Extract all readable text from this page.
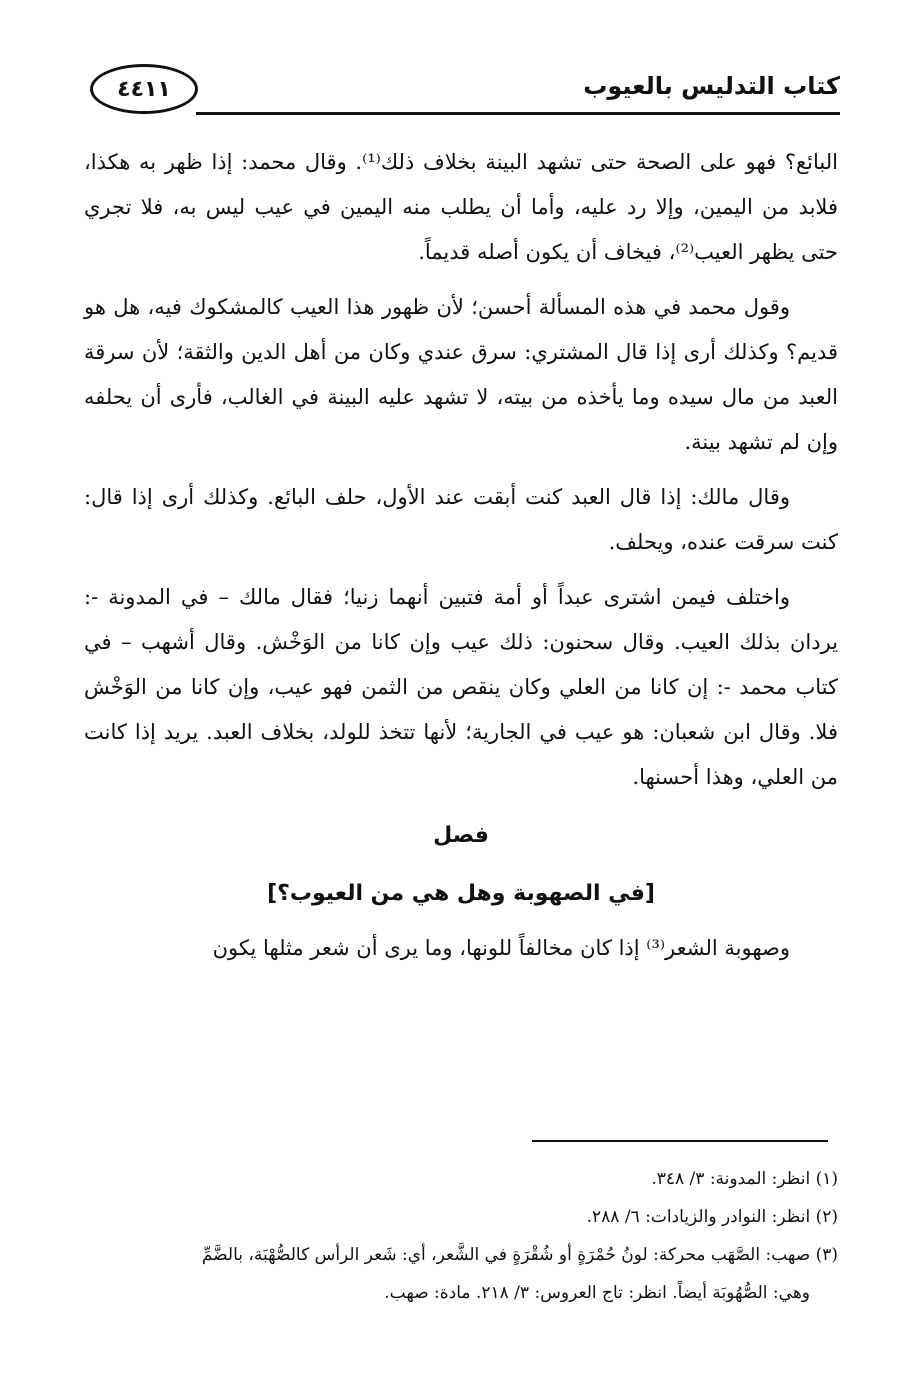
٤٤١١	كتاب التدليس بالعيوب

البائع؟ فهو على الصحة حتى تشهد البينة بخلاف ذلك⁽¹⁾. وقال محمد: إذا ظهر به هكذا، فلابد من اليمين، وإلا رد عليه، وأما أن يطلب منه اليمين في عيب ليس به، فلا تجري حتى يظهر العيب⁽²⁾، فيخاف أن يكون أصله قديماً.

وقول محمد في هذه المسألة أحسن؛ لأن ظهور هذا العيب كالمشكوك فيه، هل هو قديم؟ وكذلك أرى إذا قال المشتري: سرق عندي وكان من أهل الدين والثقة؛ لأن سرقة العبد من مال سيده وما يأخذه من بيته، لا تشهد عليه البينة في الغالب، فأرى أن يحلفه وإن لم تشهد بينة.

وقال مالك: إذا قال العبد كنت أبقت عند الأول، حلف البائع. وكذلك أرى إذا قال: كنت سرقت عنده، ويحلف.

واختلف فيمن اشترى عبداً أو أمة فتبين أنهما زنيا؛ فقال مالك – في المدونة -: يردان بذلك العيب. وقال سحنون: ذلك عيب وإن كانا من الوَخْش. وقال أشهب – في كتاب محمد -: إن كانا من العلي وكان ينقص من الثمن فهو عيب، وإن كانا من الوَخْش فلا. وقال ابن شعبان: هو عيب في الجارية؛ لأنها تتخذ للولد، بخلاف العبد. يريد إذا كانت من العلي، وهذا أحسنها.

فصل
[في الصهوبة وهل هي من العيوب؟]

وصهوبة الشعر⁽³⁾ إذا كان مخالفاً للونها، وما يرى أن شعر مثلها يكون

(١) انظر: المدونة: ٣/ ٣٤٨.

(٢) انظر: النوادر والزيادات: ٦/ ٢٨٨.

(٣) صهب: الصَّهَب محركة: لونُ حُمْرَةٍ أو شُقْرَةٍ في الشَّعر، أي: شَعر الرأس كالصُّهْبَة، بالضَّمِّ

وهي: الصُّهُوبَة أيضاً. انظر: تاج العروس: ٣/ ٢١٨. مادة: صهب.
